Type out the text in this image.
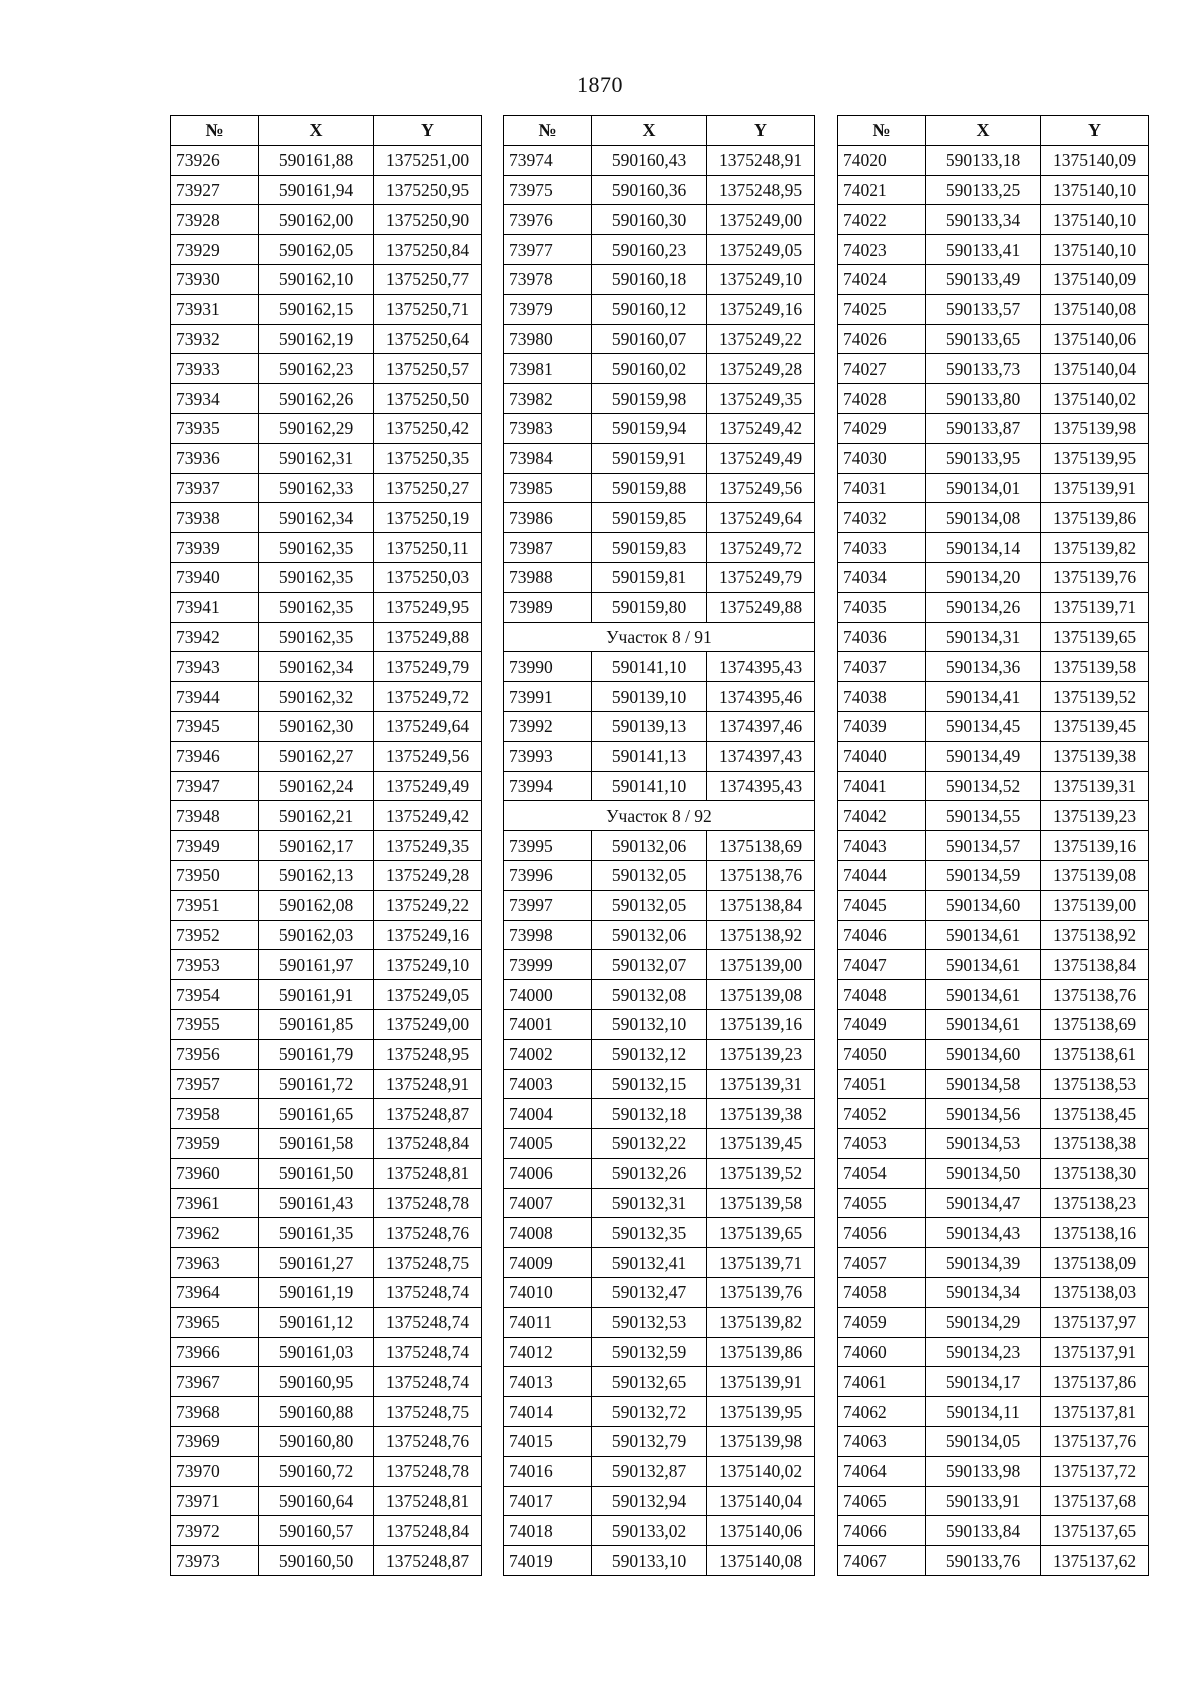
1870
№	X	Y
73926	590161,88	1375251,00
73927	590161,94	1375250,95
73928	590162,00	1375250,90
73929	590162,05	1375250,84
73930	590162,10	1375250,77
73931	590162,15	1375250,71
73932	590162,19	1375250,64
73933	590162,23	1375250,57
73934	590162,26	1375250,50
73935	590162,29	1375250,42
73936	590162,31	1375250,35
73937	590162,33	1375250,27
73938	590162,34	1375250,19
73939	590162,35	1375250,11
73940	590162,35	1375250,03
73941	590162,35	1375249,95
73942	590162,35	1375249,88
73943	590162,34	1375249,79
73944	590162,32	1375249,72
73945	590162,30	1375249,64
73946	590162,27	1375249,56
73947	590162,24	1375249,49
73948	590162,21	1375249,42
73949	590162,17	1375249,35
73950	590162,13	1375249,28
73951	590162,08	1375249,22
73952	590162,03	1375249,16
73953	590161,97	1375249,10
73954	590161,91	1375249,05
73955	590161,85	1375249,00
73956	590161,79	1375248,95
73957	590161,72	1375248,91
73958	590161,65	1375248,87
73959	590161,58	1375248,84
73960	590161,50	1375248,81
73961	590161,43	1375248,78
73962	590161,35	1375248,76
73963	590161,27	1375248,75
73964	590161,19	1375248,74
73965	590161,12	1375248,74
73966	590161,03	1375248,74
73967	590160,95	1375248,74
73968	590160,88	1375248,75
73969	590160,80	1375248,76
73970	590160,72	1375248,78
73971	590160,64	1375248,81
73972	590160,57	1375248,84
73973	590160,50	1375248,87
№	X	Y
73974	590160,43	1375248,91
73975	590160,36	1375248,95
73976	590160,30	1375249,00
73977	590160,23	1375249,05
73978	590160,18	1375249,10
73979	590160,12	1375249,16
73980	590160,07	1375249,22
73981	590160,02	1375249,28
73982	590159,98	1375249,35
73983	590159,94	1375249,42
73984	590159,91	1375249,49
73985	590159,88	1375249,56
73986	590159,85	1375249,64
73987	590159,83	1375249,72
73988	590159,81	1375249,79
73989	590159,80	1375249,88
Участок 8 / 91		
73990	590141,10	1374395,43
73991	590139,10	1374395,46
73992	590139,13	1374397,46
73993	590141,13	1374397,43
73994	590141,10	1374395,43
Участок 8 / 92		
73995	590132,06	1375138,69
73996	590132,05	1375138,76
73997	590132,05	1375138,84
73998	590132,06	1375138,92
73999	590132,07	1375139,00
74000	590132,08	1375139,08
74001	590132,10	1375139,16
74002	590132,12	1375139,23
74003	590132,15	1375139,31
74004	590132,18	1375139,38
74005	590132,22	1375139,45
74006	590132,26	1375139,52
74007	590132,31	1375139,58
74008	590132,35	1375139,65
74009	590132,41	1375139,71
74010	590132,47	1375139,76
74011	590132,53	1375139,82
74012	590132,59	1375139,86
74013	590132,65	1375139,91
74014	590132,72	1375139,95
74015	590132,79	1375139,98
74016	590132,87	1375140,02
74017	590132,94	1375140,04
74018	590133,02	1375140,06
74019	590133,10	1375140,08
№	X	Y
74020	590133,18	1375140,09
74021	590133,25	1375140,10
74022	590133,34	1375140,10
74023	590133,41	1375140,10
74024	590133,49	1375140,09
74025	590133,57	1375140,08
74026	590133,65	1375140,06
74027	590133,73	1375140,04
74028	590133,80	1375140,02
74029	590133,87	1375139,98
74030	590133,95	1375139,95
74031	590134,01	1375139,91
74032	590134,08	1375139,86
74033	590134,14	1375139,82
74034	590134,20	1375139,76
74035	590134,26	1375139,71
74036	590134,31	1375139,65
74037	590134,36	1375139,58
74038	590134,41	1375139,52
74039	590134,45	1375139,45
74040	590134,49	1375139,38
74041	590134,52	1375139,31
74042	590134,55	1375139,23
74043	590134,57	1375139,16
74044	590134,59	1375139,08
74045	590134,60	1375139,00
74046	590134,61	1375138,92
74047	590134,61	1375138,84
74048	590134,61	1375138,76
74049	590134,61	1375138,69
74050	590134,60	1375138,61
74051	590134,58	1375138,53
74052	590134,56	1375138,45
74053	590134,53	1375138,38
74054	590134,50	1375138,30
74055	590134,47	1375138,23
74056	590134,43	1375138,16
74057	590134,39	1375138,09
74058	590134,34	1375138,03
74059	590134,29	1375137,97
74060	590134,23	1375137,91
74061	590134,17	1375137,86
74062	590134,11	1375137,81
74063	590134,05	1375137,76
74064	590133,98	1375137,72
74065	590133,91	1375137,68
74066	590133,84	1375137,65
74067	590133,76	1375137,62
